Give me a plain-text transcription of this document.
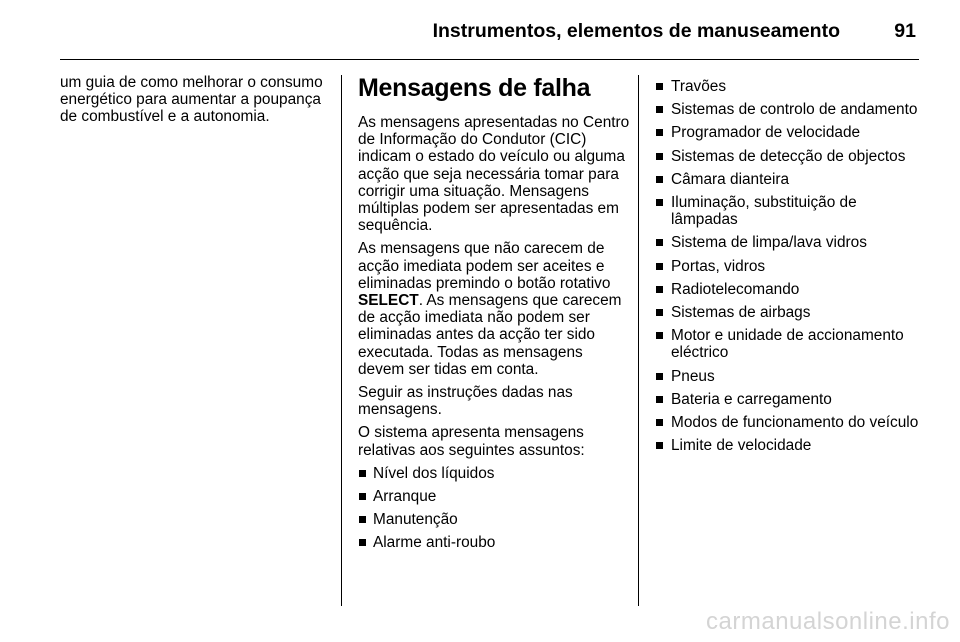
Instrumentos, elementos de manuseamento	91

um guia de como melhorar o consumo energético para aumentar a poupança de combustível e a autonomia.

Mensagens de falha

As mensagens apresentadas no Centro de Informação do Condutor (CIC) indicam o estado do veículo ou alguma acção que seja necessária tomar para corrigir uma situação. Mensagens múltiplas podem ser apresentadas em sequência.

As mensagens que não carecem de acção imediata podem ser aceites e eliminadas premindo o botão rotativo SELECT. As mensagens que carecem de acção imediata não podem ser eliminadas antes da acção ter sido executada. Todas as mensagens devem ser tidas em conta.

Seguir as instruções dadas nas mensagens.

O sistema apresenta mensagens relativas aos seguintes assuntos:

Nível dos líquidos
Arranque
Manutenção
Alarme anti-roubo
Travões
Sistemas de controlo de andamento
Programador de velocidade
Sistemas de detecção de objectos
Câmara dianteira
Iluminação, substituição de lâmpadas
Sistema de limpa/lava vidros
Portas, vidros
Radiotelecomando
Sistemas de airbags
Motor e unidade de accionamento eléctrico
Pneus
Bateria e carregamento
Modos de funcionamento do veículo
Limite de velocidade
carmanualsonline.info
